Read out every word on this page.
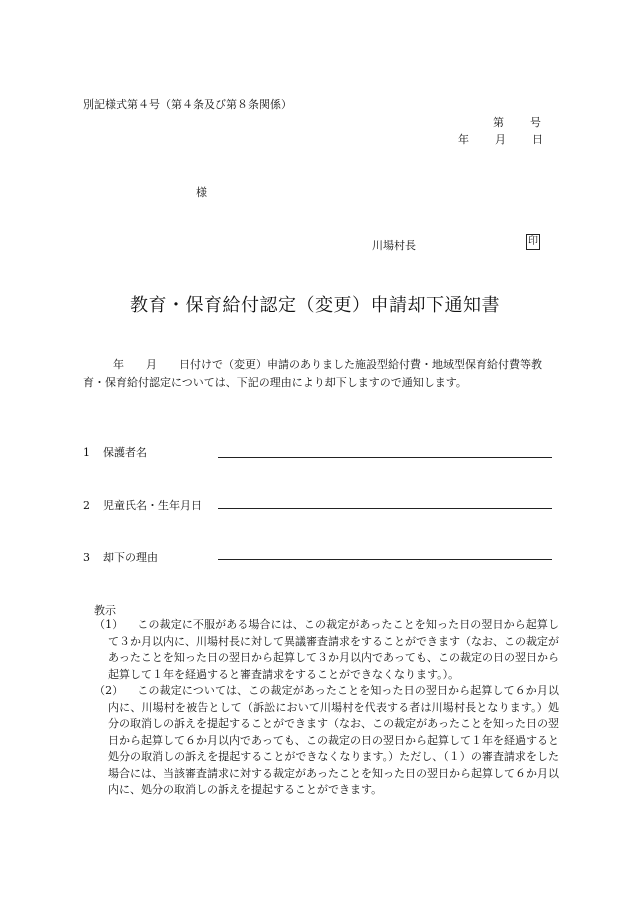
別記様式第４号（第４条及び第８条関係）
第 号
年 月 日
様
川場村長	印
教育・保育給付認定（変更）申請却下通知書
年 月 日付けで（変更）申請のありました施設型給付費・地域型保育給付費等教育・保育給付認定については、下記の理由により却下しますので通知します。
1 保護者名
2 児童氏名・生年月日
3 却下の理由
教示

（1） この裁定に不服がある場合には、この裁定があったことを知った日の翌日から起算して３か月以内に、川場村長に対して異議審査請求をすることができます（なお、この裁定があったことを知った日の翌日から起算して３か月以内であっても、この裁定の日の翌日から起算して１年を経過すると審査請求をすることができなくなります。）。

（2） この裁定については、この裁定があったことを知った日の翌日から起算して６か月以内に、川場村を被告として（訴訟において川場村を代表する者は川場村長となります。）処分の取消しの訴えを提起することができます（なお、この裁定があったことを知った日の翌日から起算して６か月以内であっても、この裁定の日の翌日から起算して１年を経過すると処分の取消しの訴えを提起することができなくなります。）ただし、（１）の審査請求をした場合には、当該審査請求に対する裁定があったことを知った日の翌日から起算して６か月以内に、処分の取消しの訴えを提起することができます。
